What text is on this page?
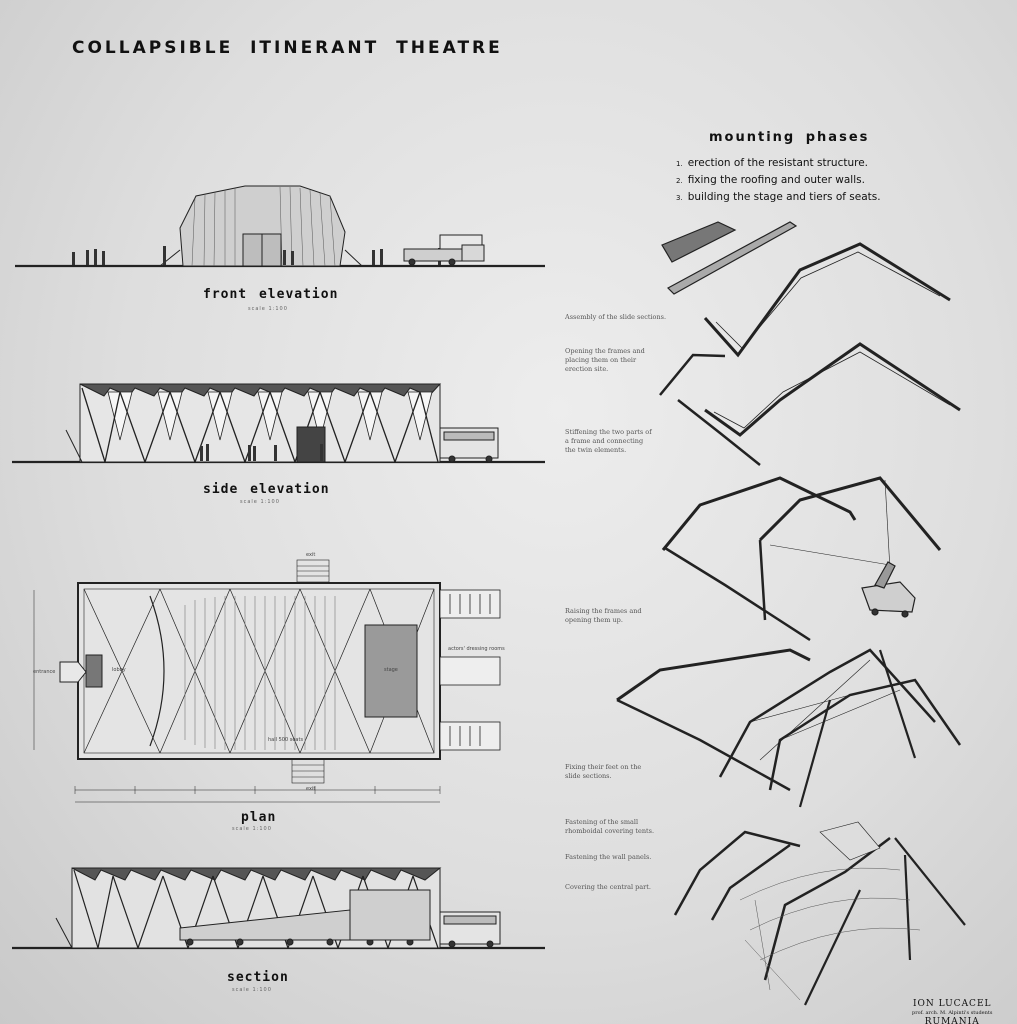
COLLAPSIBLE ITINERANT THEATRE
front elevation
scale 1:100
side elevation
scale 1:100
exit
exit
entrance	lobby	stage
hall 500 seats
actors' dressing rooms
plan
scale 1:100
section
scale 1:100
mounting phases
1. erection of the resistant structure.
2. fixing the roofing and outer walls.
3. building the stage and tiers of seats.
Assembly of the slide sections.
Opening the frames and placing them on their erection site.
Stiffening the two parts of a frame and connecting the twin elements.
Raising the frames and opening them up.
Fixing their feet on the slide sections.
Fastening of the small rhomboidal covering tents.
Fastening the wall panels.
Covering the central part.
ION LUCACEL
prof. arch. M. Alpinti's students
RUMANIA
